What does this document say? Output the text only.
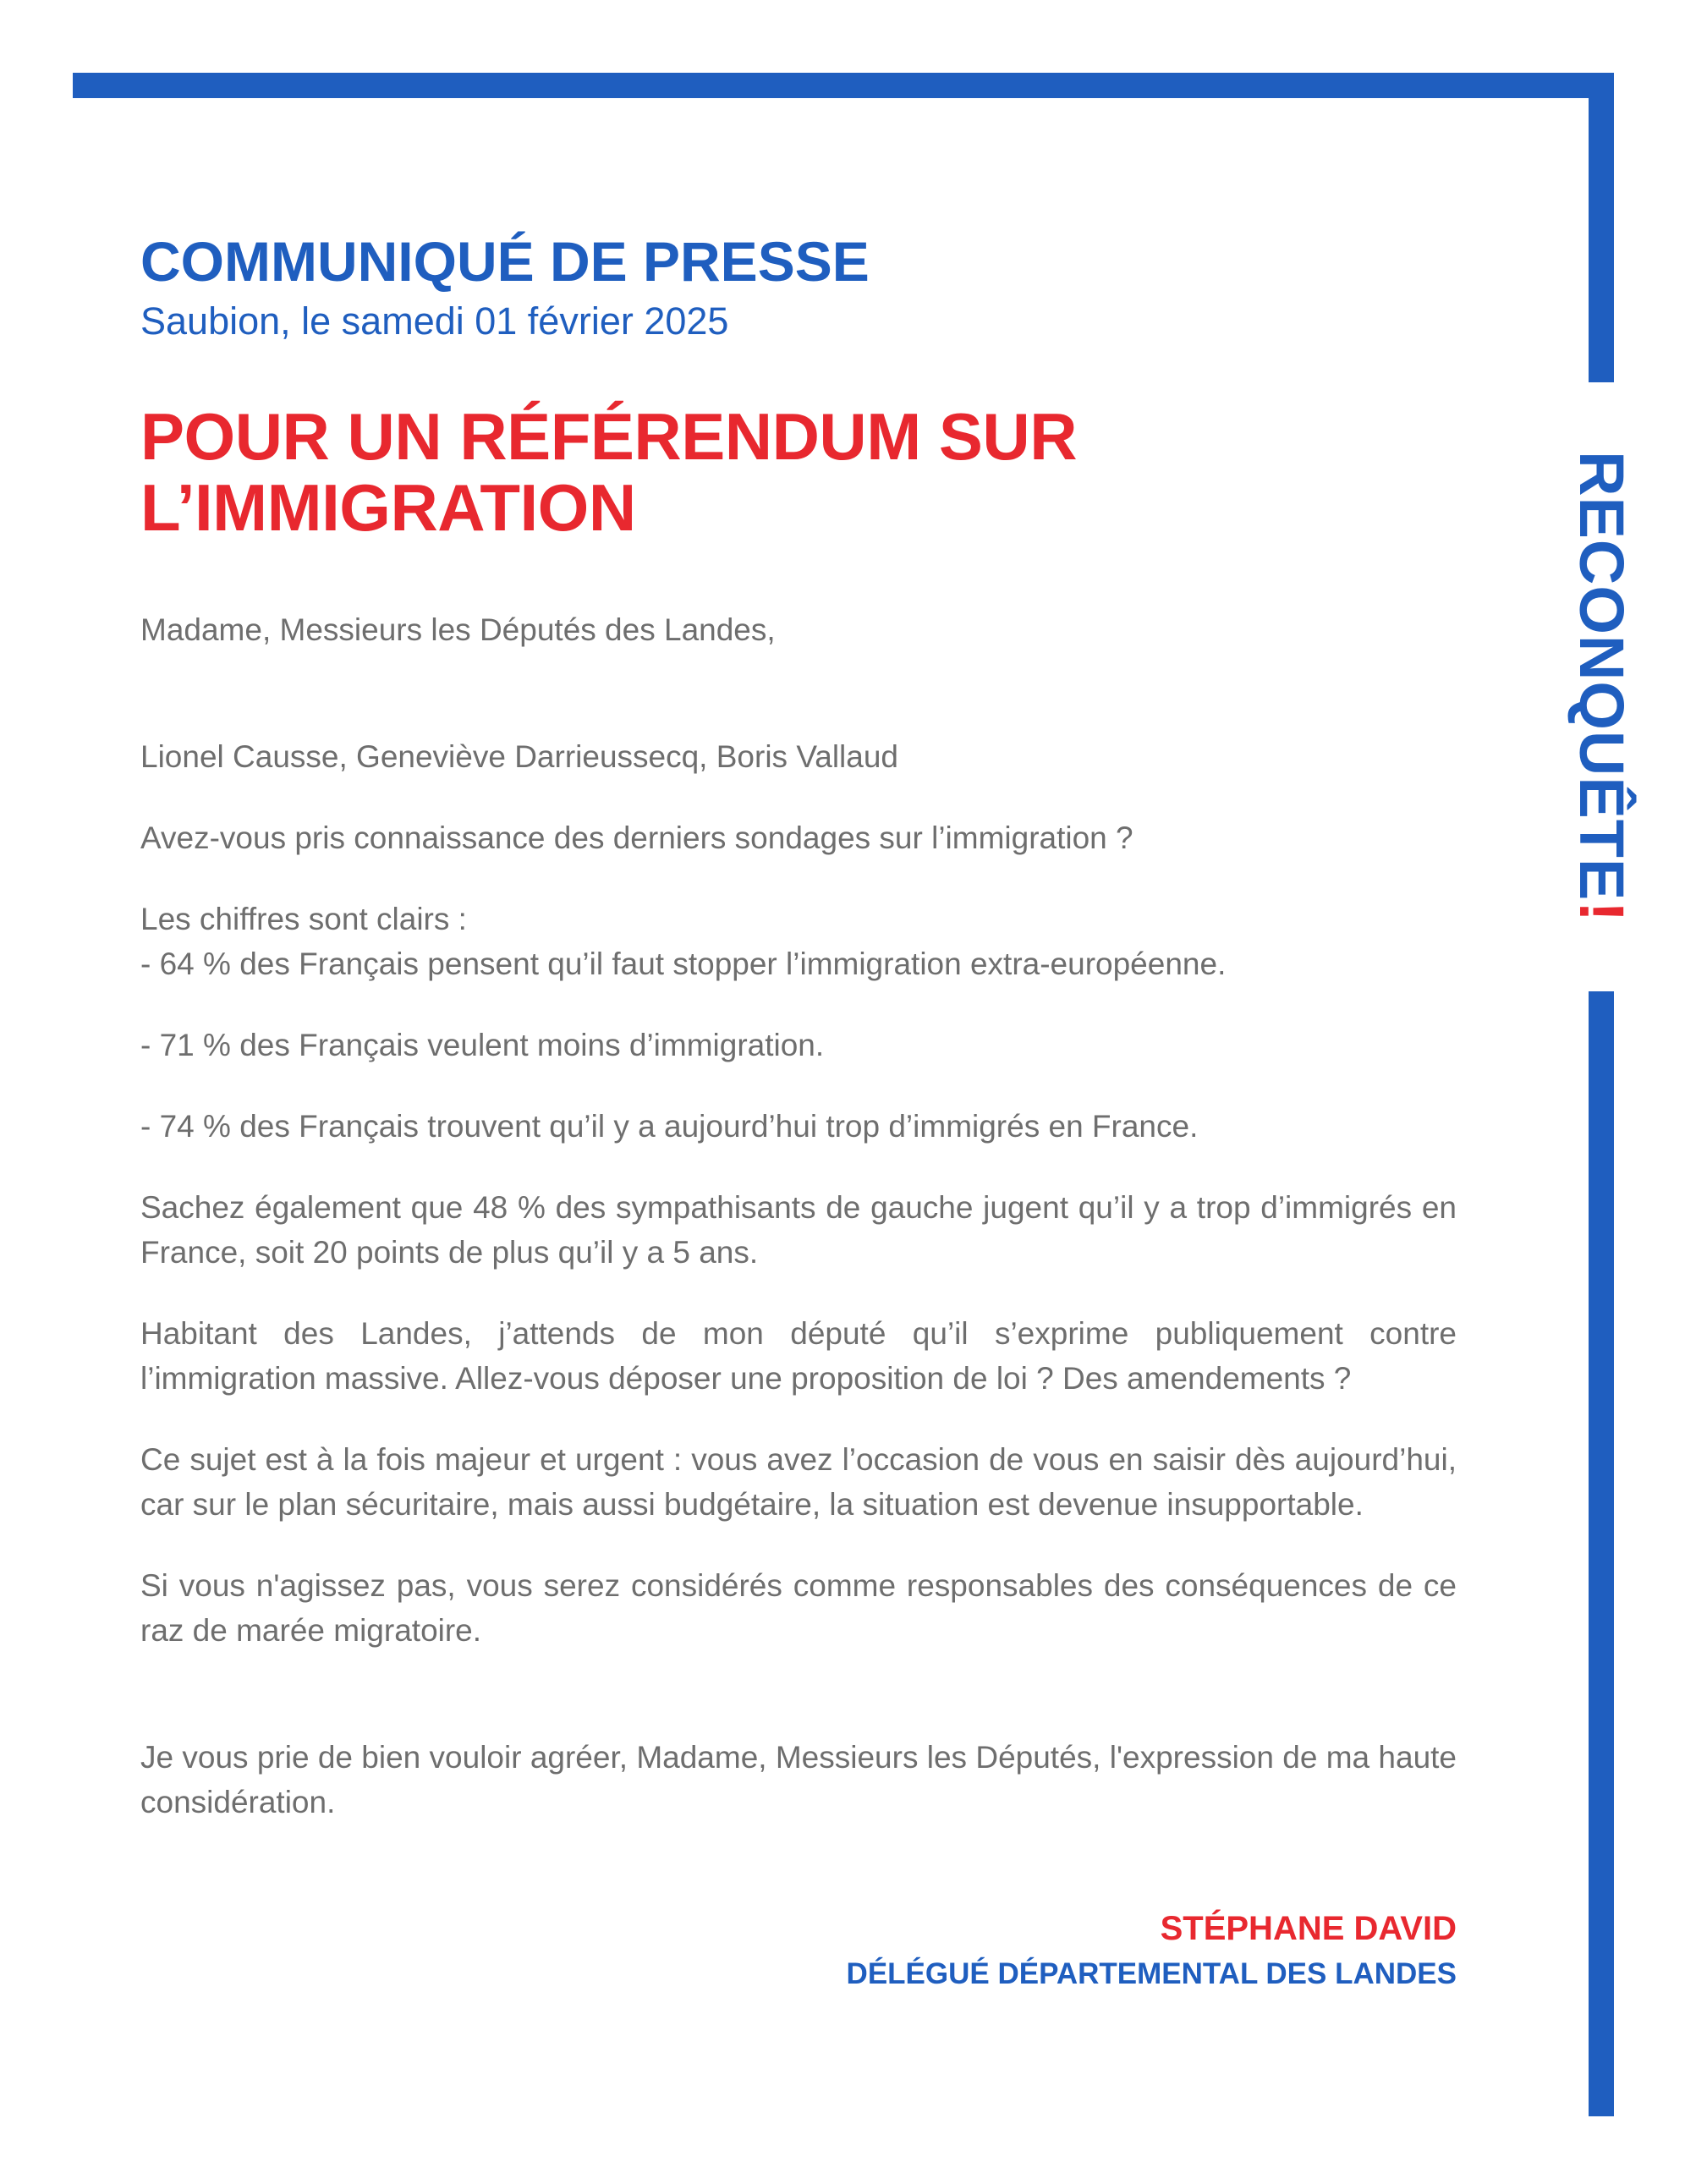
RECONQUÊTE!
COMMUNIQUÉ DE PRESSE
Saubion, le samedi 01 février 2025
POUR UN RÉFÉRENDUM SUR
L’IMMIGRATION

Madame, Messieurs les Députés des Landes,

Lionel Causse, Geneviève Darrieussecq, Boris Vallaud

Avez-vous pris connaissance des derniers sondages sur l’immigration ?

Les chiffres sont clairs :

- 64 % des Français pensent qu’il faut stopper l’immigration extra-européenne.

- 71 % des Français veulent moins d’immigration.

- 74 % des Français trouvent qu’il y a aujourd’hui trop d’immigrés en France.

Sachez également que 48 % des sympathisants de gauche jugent qu’il y a trop d’immigrés en France, soit 20 points de plus qu’il y a 5 ans.

Habitant des Landes, j’attends de mon député qu’il s’exprime publiquement contre l’immigration massive. Allez-vous déposer une proposition de loi ? Des amendements ?

Ce sujet est à la fois majeur et urgent : vous avez l’occasion de vous en saisir dès aujourd’hui, car sur le plan sécuritaire, mais aussi budgétaire, la situation est devenue insupportable.

Si vous n'agissez pas, vous serez considérés comme responsables des conséquences de ce raz de marée migratoire.

Je vous prie de bien vouloir agréer, Madame, Messieurs les Députés, l'expression de ma haute considération.

STÉPHANE DAVID
DÉLÉGUÉ DÉPARTEMENTAL DES LANDES
